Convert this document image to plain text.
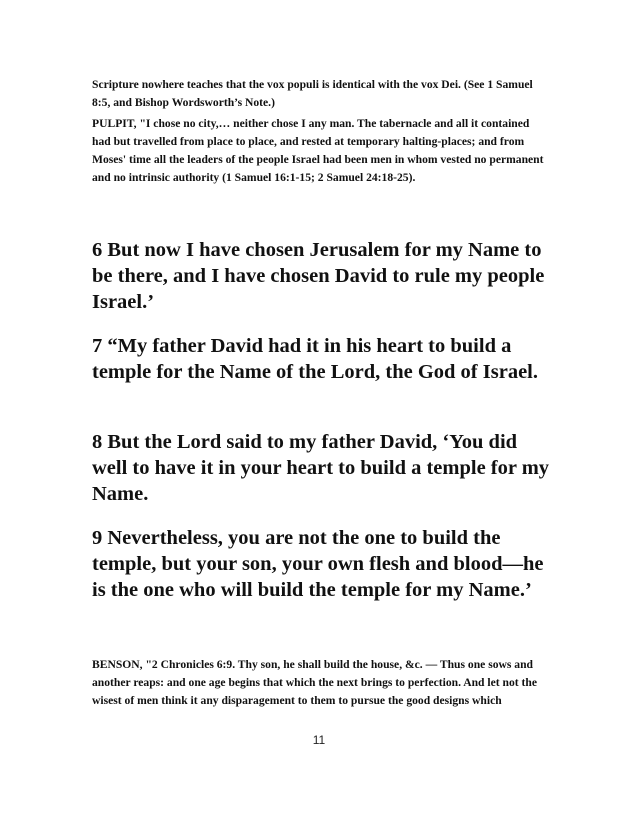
Scripture nowhere teaches that the vox populi is identical with the vox Dei. (See 1 Samuel 8:5, and Bishop Wordsworth’s Note.)

PULPIT, "I chose no city,… neither chose I any man. The tabernacle and all it contained had but travelled from place to place, and rested at temporary halting-places; and from Moses' time all the leaders of the people Israel had been men in whom vested no permanent and no intrinsic authority (1 Samuel 16:1-15; 2 Samuel 24:18-25).

6 But now I have chosen Jerusalem for my Name to be there, and I have chosen David to rule my people Israel.’

7 “My father David had it in his heart to build a temple for the Name of the Lord, the God of Israel.

8 But the Lord said to my father David, ‘You did well to have it in your heart to build a temple for my Name.

9 Nevertheless, you are not the one to build the temple, but your son, your own flesh and blood—he is the one who will build the temple for my Name.’

BENSON, "2 Chronicles 6:9. Thy son, he shall build the house, &c. — Thus one sows and another reaps: and one age begins that which the next brings to perfection. And let not the wisest of men think it any disparagement to them to pursue the good designs which

11
